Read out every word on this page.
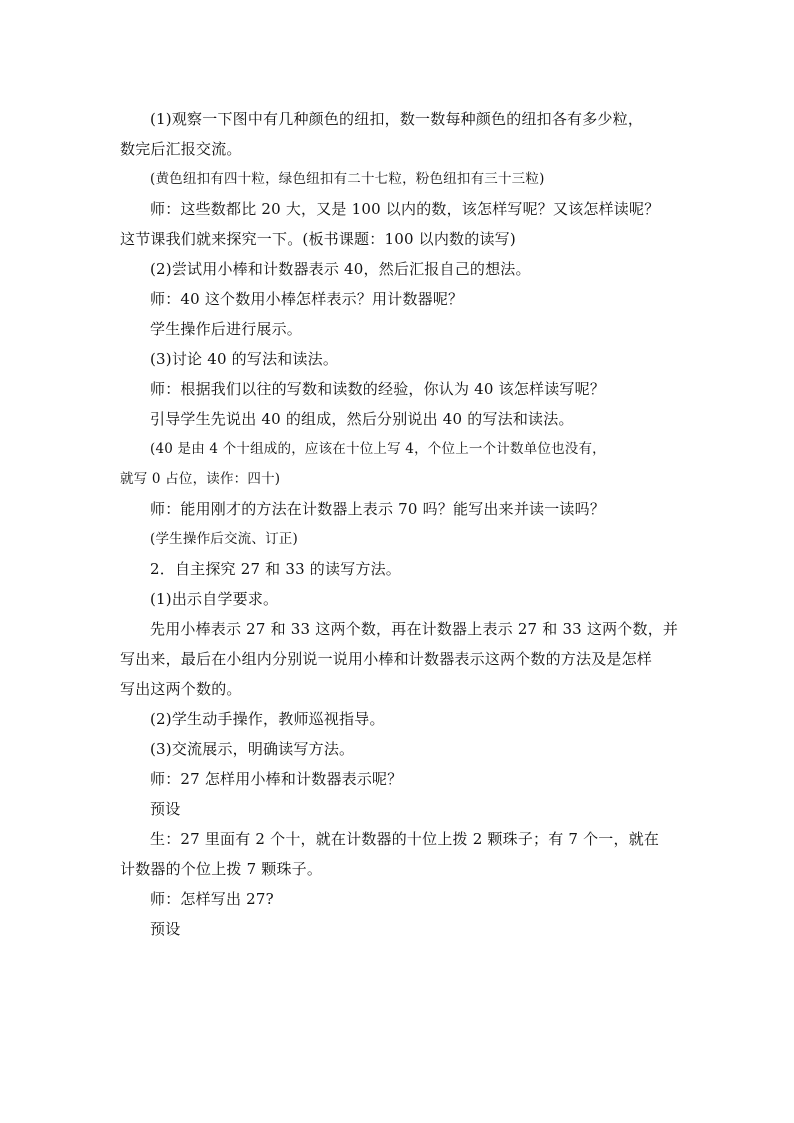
(1)观察一下图中有几种颜色的纽扣，数一数每种颜色的纽扣各有多少粒，

数完后汇报交流。

(黄色纽扣有四十粒，绿色纽扣有二十七粒，粉色纽扣有三十三粒)

师：这些数都比 20 大，又是 100 以内的数，该怎样写呢？又该怎样读呢？

这节课我们就来探究一下。(板书课题：100 以内数的读写)

(2)尝试用小棒和计数器表示 40，然后汇报自己的想法。

师：40 这个数用小棒怎样表示？用计数器呢？

学生操作后进行展示。

(3)讨论 40 的写法和读法。

师：根据我们以往的写数和读数的经验，你认为 40 该怎样读写呢？

引导学生先说出 40 的组成，然后分别说出 40 的写法和读法。

(40 是由 4 个十组成的，应该在十位上写 4，个位上一个计数单位也没有，

就写 0 占位，读作：四十)

师：能用刚才的方法在计数器上表示 70 吗？能写出来并读一读吗？

(学生操作后交流、订正)

2．自主探究 27 和 33 的读写方法。

(1)出示自学要求。

先用小棒表示 27 和 33 这两个数，再在计数器上表示 27 和 33 这两个数，并

写出来，最后在小组内分别说一说用小棒和计数器表示这两个数的方法及是怎样

写出这两个数的。

(2)学生动手操作，教师巡视指导。

(3)交流展示，明确读写方法。

师：27 怎样用小棒和计数器表示呢？

预设

生：27 里面有 2 个十，就在计数器的十位上拨 2 颗珠子；有 7 个一，就在

计数器的个位上拨 7 颗珠子。

师：怎样写出 27?

预设
